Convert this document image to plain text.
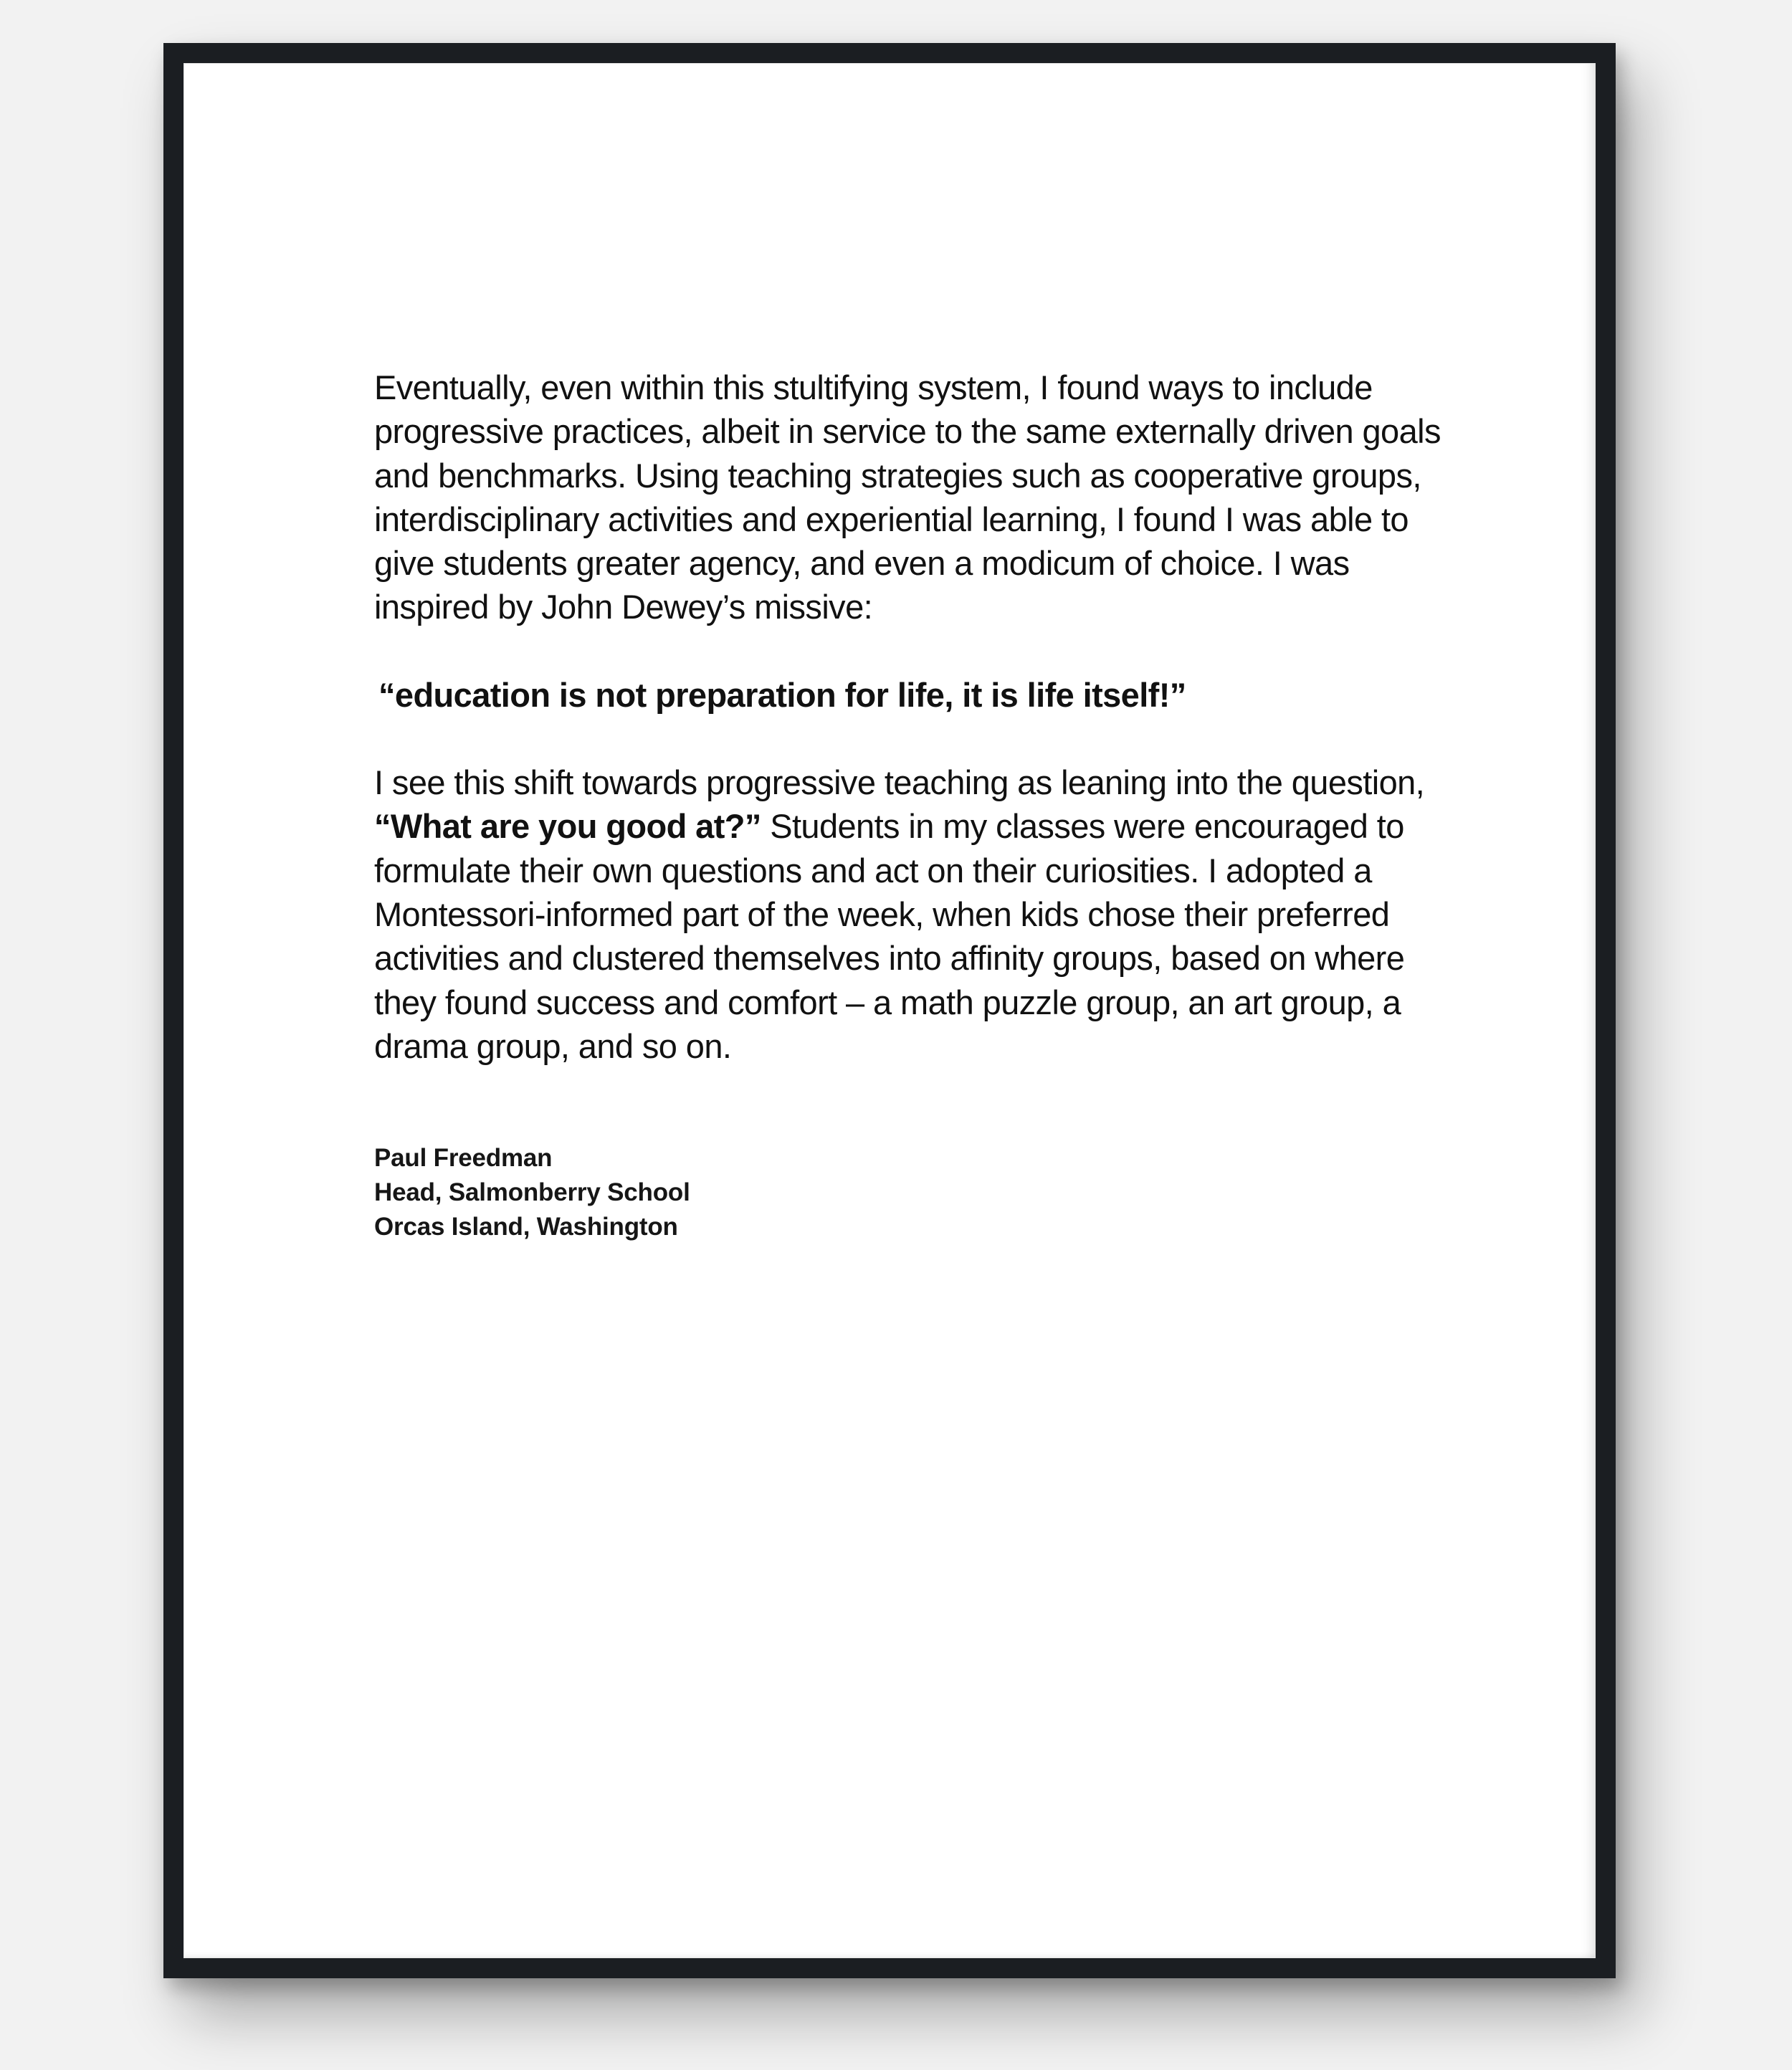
Eventually, even within this stultifying system, I found ways to include progressive practices, albeit in service to the same externally driven goals and benchmarks. Using teaching strategies such as cooperative groups, interdisciplinary activities and experiential learning, I found I was able to give students greater agency, and even a modicum of choice. I was inspired by John Dewey’s missive:

“education is not preparation for life, it is life itself!”

I see this shift towards progressive teaching as leaning into the question, “What are you good at?” Students in my classes were encouraged to formulate their own questions and act on their curiosities. I adopted a Montessori-informed part of the week, when kids chose their preferred activities and clustered themselves into affinity groups, based on where they found success and comfort – a math puzzle group, an art group, a drama group, and so on.

Paul Freedman
Head, Salmonberry School
Orcas Island, Washington
